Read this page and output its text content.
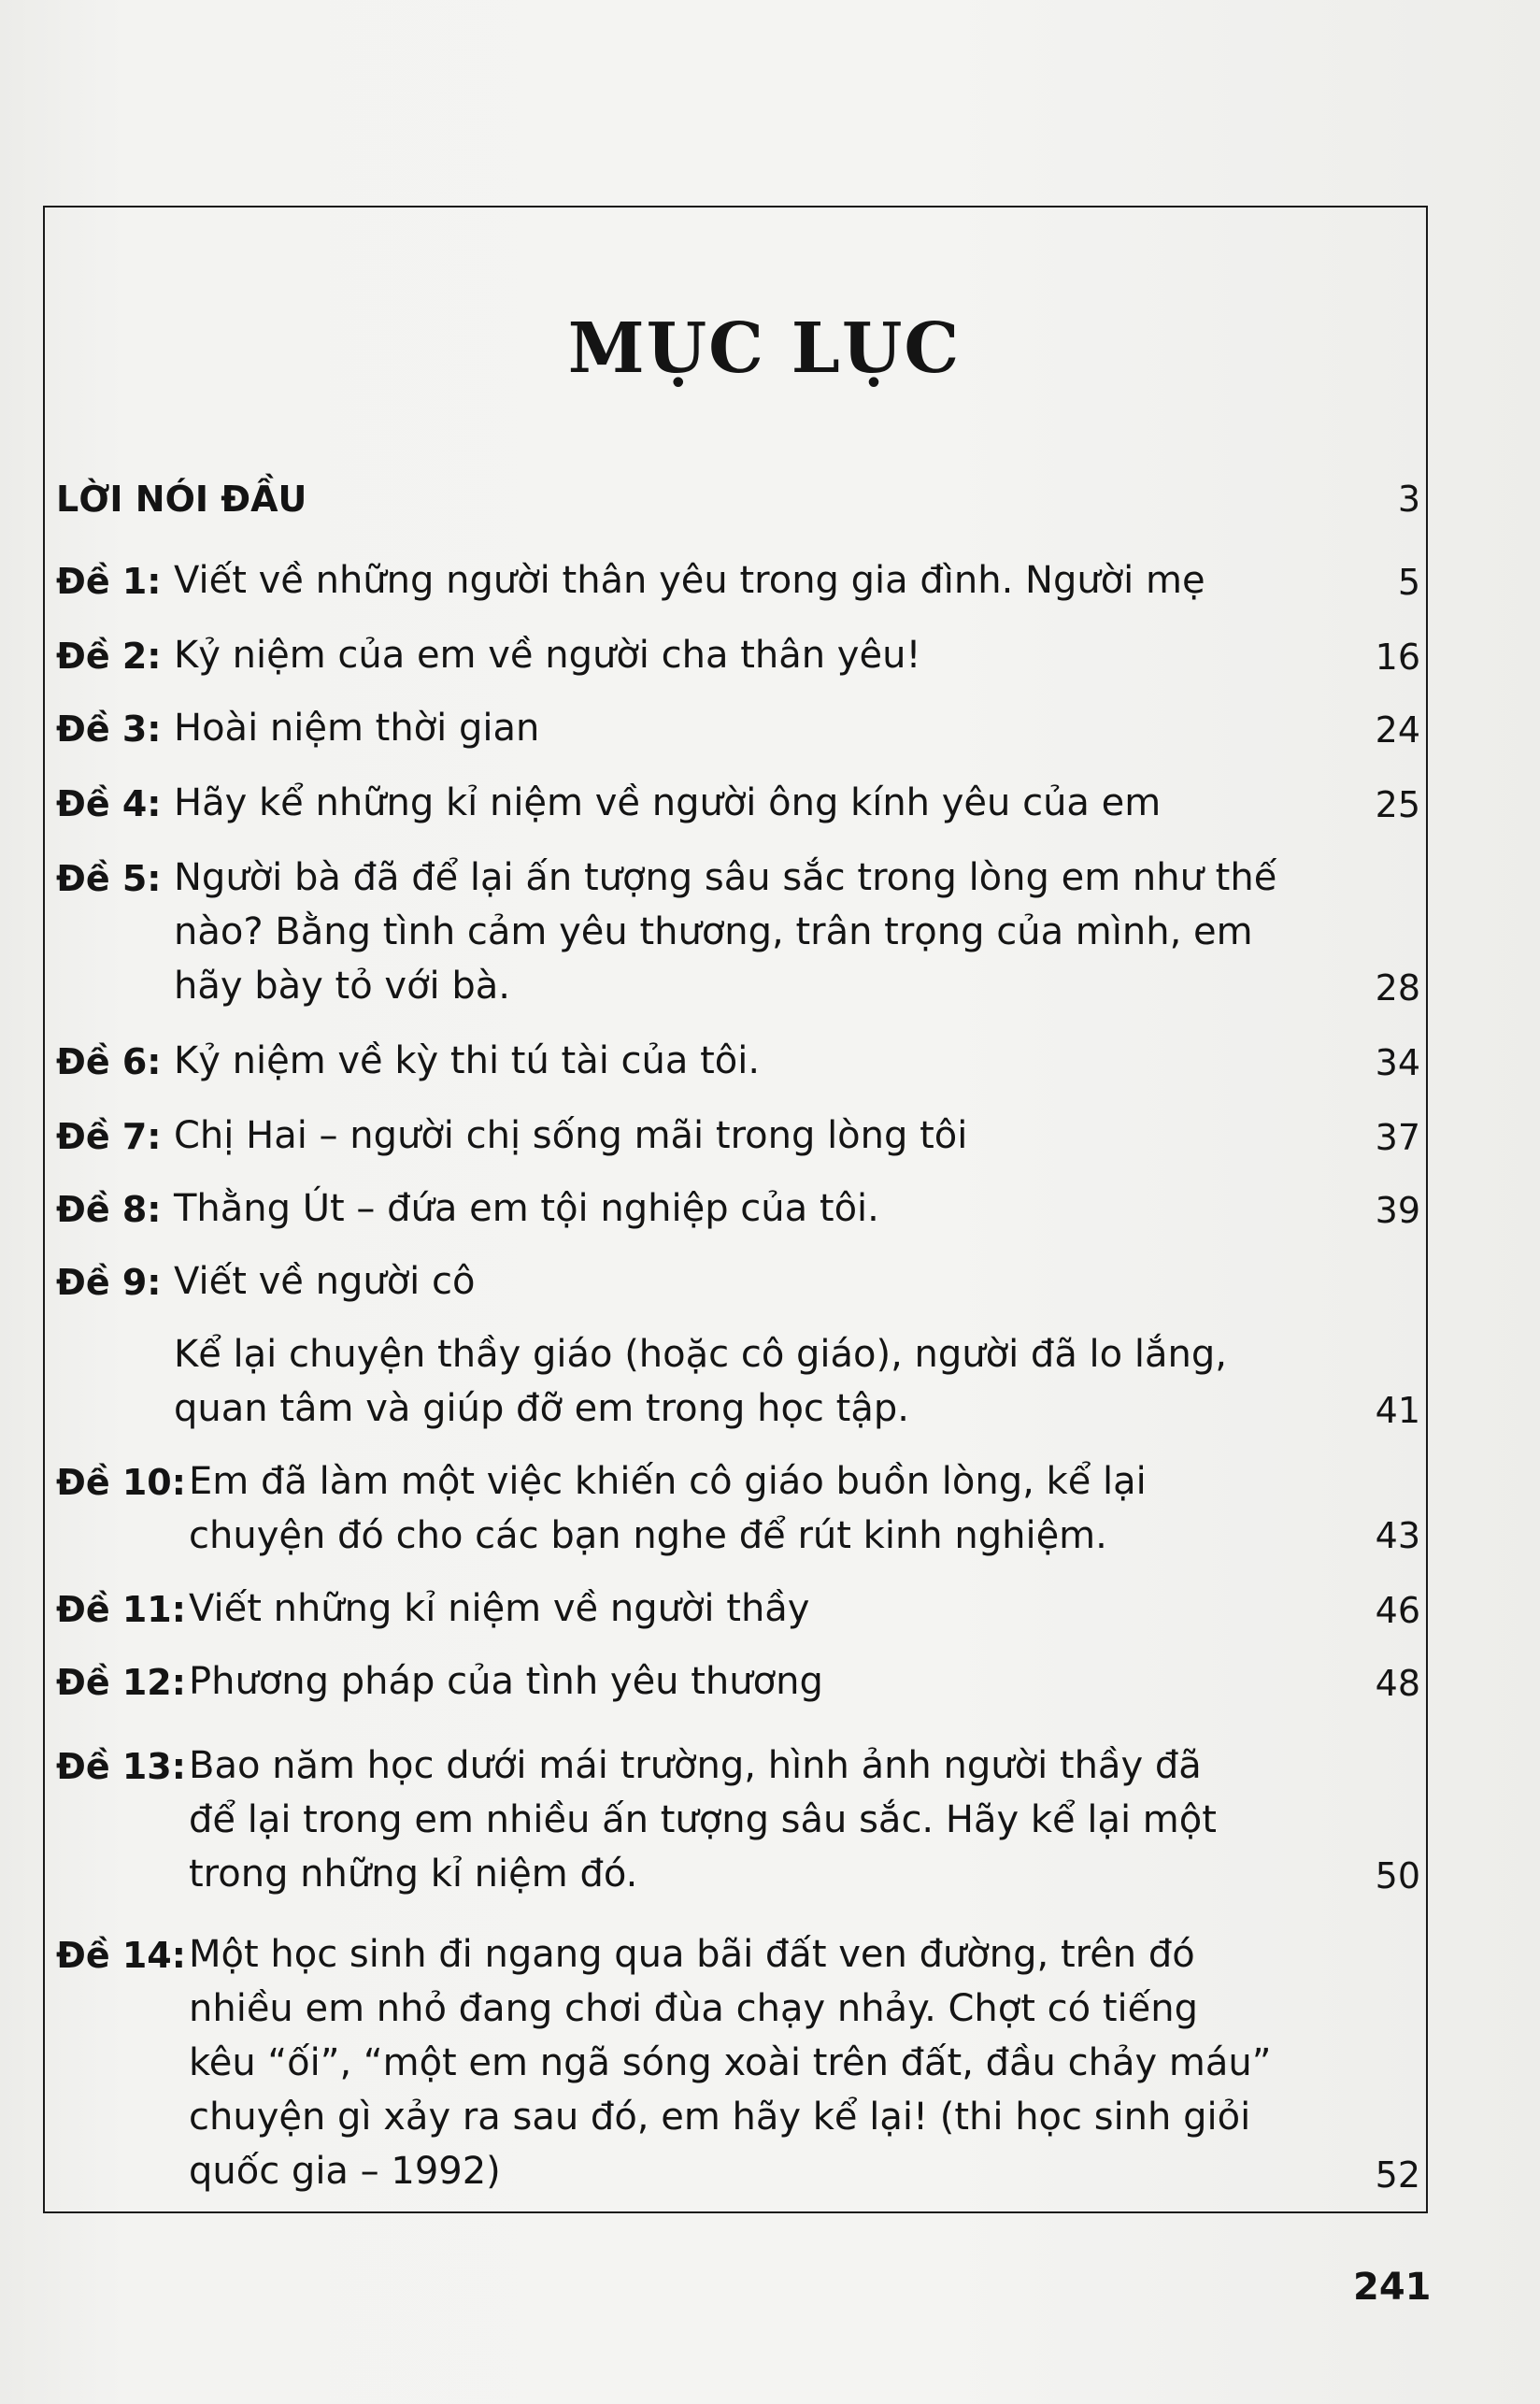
MỤC LỤC
LỜI NÓI ĐẦU	3
Đề 1: Viết về những người thân yêu trong gia đình. Người mẹ	5
Đề 2: Kỷ niệm của em về người cha thân yêu!	16
Đề 3: Hoài niệm thời gian	24
Đề 4: Hãy kể những kỉ niệm về người ông kính yêu của em	25
Đề 5: Người bà đã để lại ấn tượng sâu sắc trong lòng em như thế
nào? Bằng tình cảm yêu thương, trân trọng của mình, em
hãy bày tỏ với bà.	28
Đề 6: Kỷ niệm về kỳ thi tú tài của tôi.	34
Đề 7: Chị Hai – người chị sống mãi trong lòng tôi	37
Đề 8: Thằng Út – đứa em tội nghiệp của tôi.	39
Đề 9: Viết về người cô
Kể lại chuyện thầy giáo (hoặc cô giáo), người đã lo lắng,
quan tâm và giúp đỡ em trong học tập.	41
Đề 10: Em đã làm một việc khiến cô giáo buồn lòng, kể lại
chuyện đó cho các bạn nghe để rút kinh nghiệm.	43
Đề 11: Viết những kỉ niệm về người thầy	46
Đề 12: Phương pháp của tình yêu thương	48
Đề 13: Bao năm học dưới mái trường, hình ảnh người thầy đã
để lại trong em nhiều ấn tượng sâu sắc. Hãy kể lại một
trong những kỉ niệm đó.	50
Đề 14: Một học sinh đi ngang qua bãi đất ven đường, trên đó
nhiều em nhỏ đang chơi đùa chạy nhảy. Chợt có tiếng
kêu “ối”, “một em ngã sóng xoài trên đất, đầu chảy máu”
chuyện gì xảy ra sau đó, em hãy kể lại! (thi học sinh giỏi
quốc gia – 1992)	52
241
